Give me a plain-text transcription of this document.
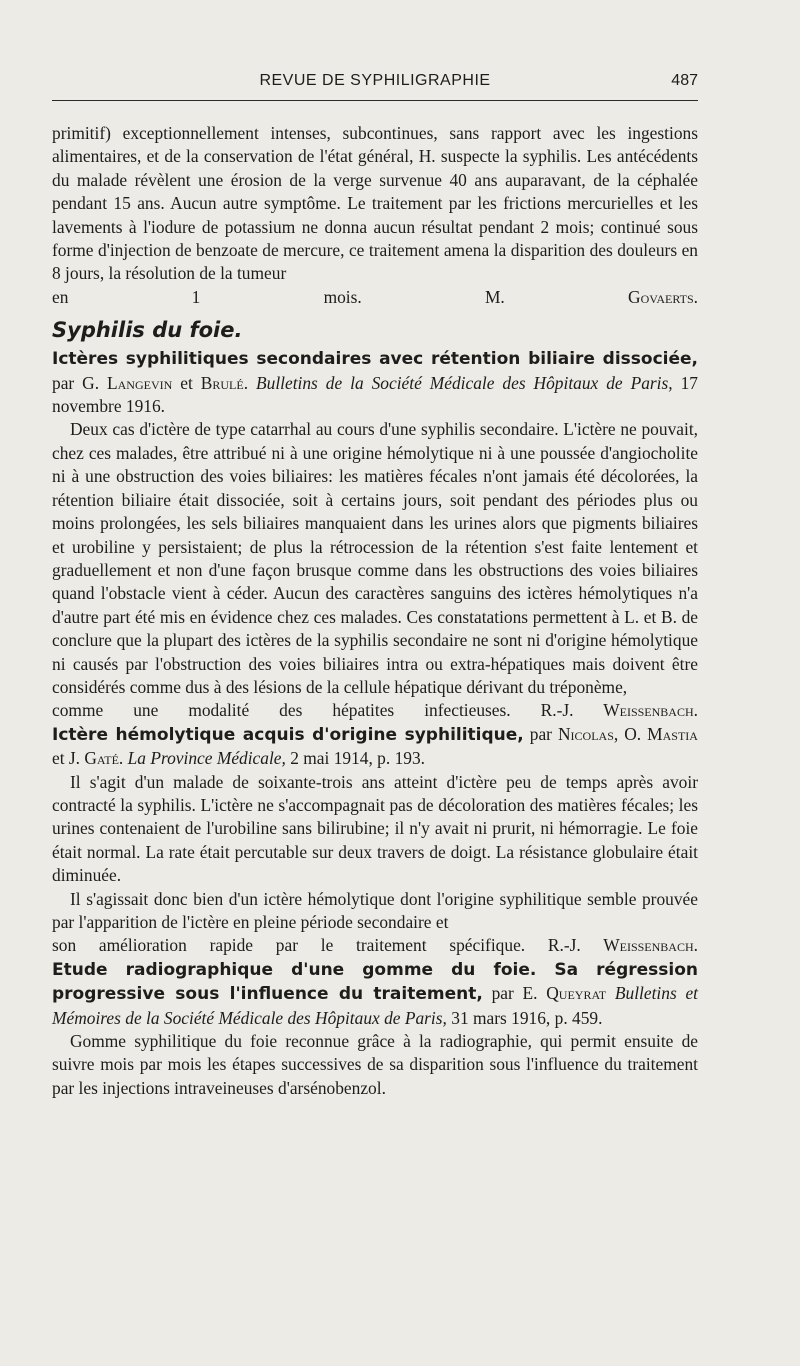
REVUE DE SYPHILIGRAPHIE	487

primitif) exceptionnellement intenses, subcontinues, sans rapport avec les ingestions alimentaires, et de la conservation de l'état général, H. suspecte la syphilis. Les antécédents du malade révèlent une érosion de la verge survenue 40 ans auparavant, de la céphalée pendant 15 ans. Aucun autre symptôme. Le traitement par les frictions mercurielles et les lavements à l'iodure de potassium ne donna aucun résultat pendant 2 mois; continué sous forme d'injection de benzoate de mercure, ce traitement amena la disparition des douleurs en 8 jours, la résolution de la tumeur

en 1 mois.	M. Govaerts.

Syphilis du foie.

Ictères syphilitiques secondaires avec rétention biliaire dissociée, par G. Langevin et Brulé. Bulletins de la Société Médicale des Hôpitaux de Paris, 17 novembre 1916.

Deux cas d'ictère de type catarrhal au cours d'une syphilis secondaire. L'ictère ne pouvait, chez ces malades, être attribué ni à une origine hémolytique ni à une poussée d'angiocholite ni à une obstruction des voies biliaires: les matières fécales n'ont jamais été décolorées, la rétention biliaire était dissociée, soit à certains jours, soit pendant des périodes plus ou moins prolongées, les sels biliaires manquaient dans les urines alors que pigments biliaires et urobiline y persistaient; de plus la rétrocession de la rétention s'est faite lentement et graduellement et non d'une façon brusque comme dans les obstructions des voies biliaires quand l'obstacle vient à céder. Aucun des caractères sanguins des ictères hémolytiques n'a d'autre part été mis en évidence chez ces malades. Ces constatations permettent à L. et B. de conclure que la plupart des ictères de la syphilis secondaire ne sont ni d'origine hémolytique ni causés par l'obstruction des voies biliaires intra ou extra-hépatiques mais doivent être considérés comme dus à des lésions de la cellule hépatique dérivant du tréponème,

comme une modalité des hépatites infectieuses. R.-J. Weissenbach.

Ictère hémolytique acquis d'origine syphilitique, par Nicolas, O. Mastia et J. Gaté. La Province Médicale, 2 mai 1914, p. 193.

Il s'agit d'un malade de soixante-trois ans atteint d'ictère peu de temps après avoir contracté la syphilis. L'ictère ne s'accompagnait pas de décoloration des matières fécales; les urines contenaient de l'urobiline sans bilirubine; il n'y avait ni prurit, ni hémorragie. Le foie était normal. La rate était percutable sur deux travers de doigt. La résistance globulaire était diminuée.

Il s'agissait donc bien d'un ictère hémolytique dont l'origine syphilitique semble prouvée par l'apparition de l'ictère en pleine période secondaire et

son amélioration rapide par le traitement spécifique. R.-J. Weissenbach.

Etude radiographique d'une gomme du foie. Sa régression progressive sous l'influence du traitement, par E. Queyrat Bulletins et Mémoires de la Société Médicale des Hôpitaux de Paris, 31 mars 1916, p. 459.

Gomme syphilitique du foie reconnue grâce à la radiographie, qui permit ensuite de suivre mois par mois les étapes successives de sa disparition sous l'influence du traitement par les injections intraveineuses d'arsénobenzol.
